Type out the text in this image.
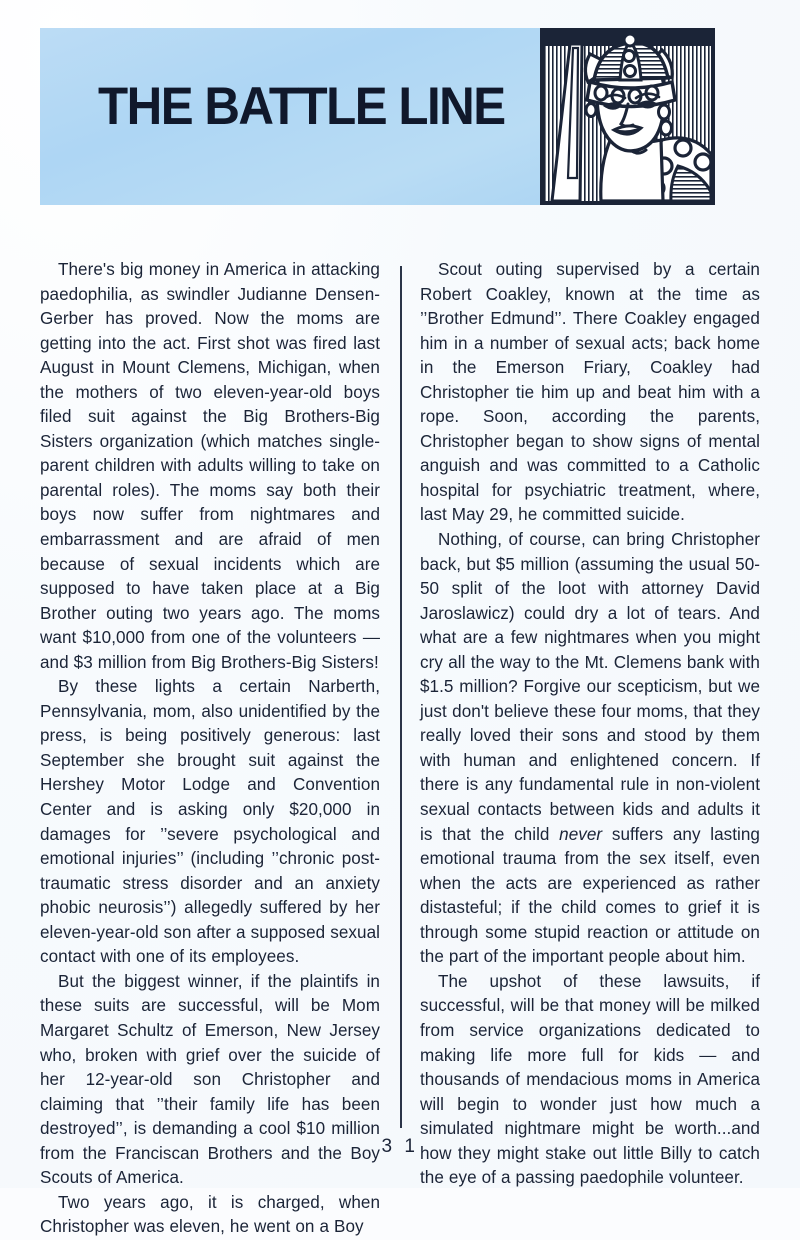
THE BATTLE LINE

There's big money in America in attacking paedophilia, as swindler Judianne Densen-Gerber has proved. Now the moms are getting into the act. First shot was fired last August in Mount Clemens, Michigan, when the mothers of two eleven-year-old boys filed suit against the Big Brothers-Big Sisters organization (which matches single-parent children with adults willing to take on parental roles). The moms say both their boys now suffer from nightmares and embarrassment and are afraid of men because of sexual incidents which are supposed to have taken place at a Big Brother outing two years ago. The moms want $10,000 from one of the volunteers — and $3 million from Big Brothers-Big Sisters!

By these lights a certain Narberth, Pennsylvania, mom, also unidentified by the press, is being positively generous: last September she brought suit against the Hershey Motor Lodge and Convention Center and is asking only $20,000 in damages for ’’severe psychological and emotional injuries’’ (including ’’chronic post-traumatic stress disorder and an anxiety phobic neurosis’’) allegedly suffered by her eleven-year-old son after a supposed sexual contact with one of its employees.

But the biggest winner, if the plaintifs in these suits are successful, will be Mom Margaret Schultz of Emerson, New Jersey who, broken with grief over the suicide of her 12-year-old son Christopher and claiming that ’’their family life has been destroyed’’, is demanding a cool $10 million from the Franciscan Brothers and the Boy Scouts of America.

Two years ago, it is charged, when Christopher was eleven, he went on a Boy

Scout outing supervised by a certain Robert Coakley, known at the time as ’’Brother Edmund’’. There Coakley engaged him in a number of sexual acts; back home in the Emerson Friary, Coakley had Christopher tie him up and beat him with a rope. Soon, according the parents, Christopher began to show signs of mental anguish and was committed to a Catholic hospital for psychiatric treatment, where, last May 29, he committed suicide.

Nothing, of course, can bring Christopher back, but $5 million (assuming the usual 50-50 split of the loot with attorney David Jaroslawicz) could dry a lot of tears. And what are a few nightmares when you might cry all the way to the Mt. Clemens bank with $1.5 million? Forgive our scepticism, but we just don't believe these four moms, that they really loved their sons and stood by them with human and enlightened concern. If there is any fundamental rule in non-violent sexual contacts between kids and adults it is that the child never suffers any lasting emotional trauma from the sex itself, even when the acts are experienced as rather distasteful; if the child comes to grief it is through some stupid reaction or attitude on the part of the important people about him.

The upshot of these lawsuits, if successful, will be that money will be milked from service organizations dedicated to making life more full for kids — and thousands of mendacious moms in America will begin to wonder just how much a simulated nightmare might be worth...and how they might stake out little Billy to catch the eye of a passing paedophile volunteer.

3 1
